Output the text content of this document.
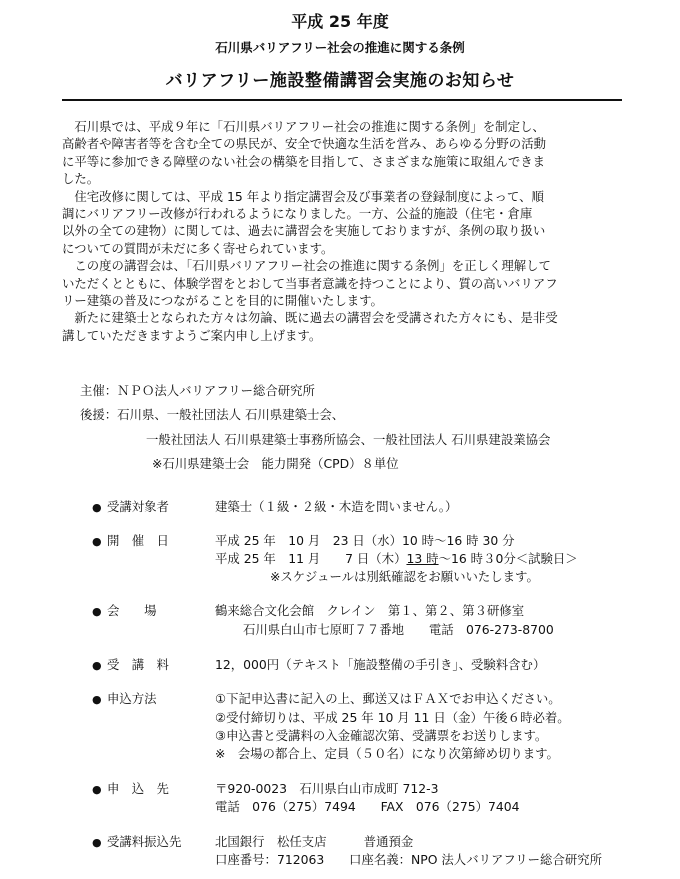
平成 25 年度
石川県バリアフリー社会の推進に関する条例
バリアフリー施設整備講習会実施のお知らせ
　石川県では、平成９年に「石川県バリアフリー社会の推進に関する条例」を制定し、
高齢者や障害者等を含む全ての県民が、安全で快適な生活を営み、あらゆる分野の活動
に平等に参加できる障壁のない社会の構築を目指して、さまざまな施策に取組んできま
した。
　住宅改修に関しては、平成 15 年より指定講習会及び事業者の登録制度によって、順
調にバリアフリー改修が行われるようになりました。一方、公益的施設（住宅・倉庫
以外の全ての建物）に関しては、過去に講習会を実施しておりますが、条例の取り扱い
についての質問が未だに多く寄せられています。
　この度の講習会は、「石川県バリアフリー社会の推進に関する条例」を正しく理解して
いただくとともに、体験学習をとおして当事者意識を持つことにより、質の高いバリアフ
リー建築の普及につながることを目的に開催いたします。
　新たに建築士となられた方々は勿論、既に過去の講習会を受講された方々にも、是非受
講していただきますようご案内申し上げます。
主催：ＮＰＯ法人バリアフリー総合研究所
後援：石川県、一般社団法人 石川県建築士会、
一般社団法人 石川県建築士事務所協会、一般社団法人 石川県建設業協会
※石川県建築士会　能力開発（CPD）８単位
● 受講対象者	建築士（１級・２級・木造を問いません。）
● 開　催　日	平成 25 年　10 月　23 日（水）10 時～16 時 30 分
平成 25 年　11 月　　7 日（木）13 時～16 時３0分＜試験日＞
※スケジュールは別紙確認をお願いいたします。
● 会　　場	鶴来総合文化会館　クレイン　第１、第２、第３研修室
石川県白山市七原町７７番地　　電話　076-273-8700
● 受　講　料	12，000円（テキスト「施設整備の手引き」、受験料含む）
● 申込方法	①下記申込書に記入の上、郵送又はＦＡＸでお申込ください。
②受付締切りは、平成 25 年 10 月 11 日（金）午後６時必着。
③申込書と受講料の入金確認次第、受講票をお送りします。
※　会場の都合上、定員（５０名）になり次第締め切ります。
● 申　込　先	〒920-0023　石川県白山市成町 712-3
電話　076（275）7494　　FAX　076（275）7404
● 受講料振込先	北国銀行　松任支店　　　普通預金
口座番号：712063　　口座名義：NPO 法人バリアフリー総合研究所
